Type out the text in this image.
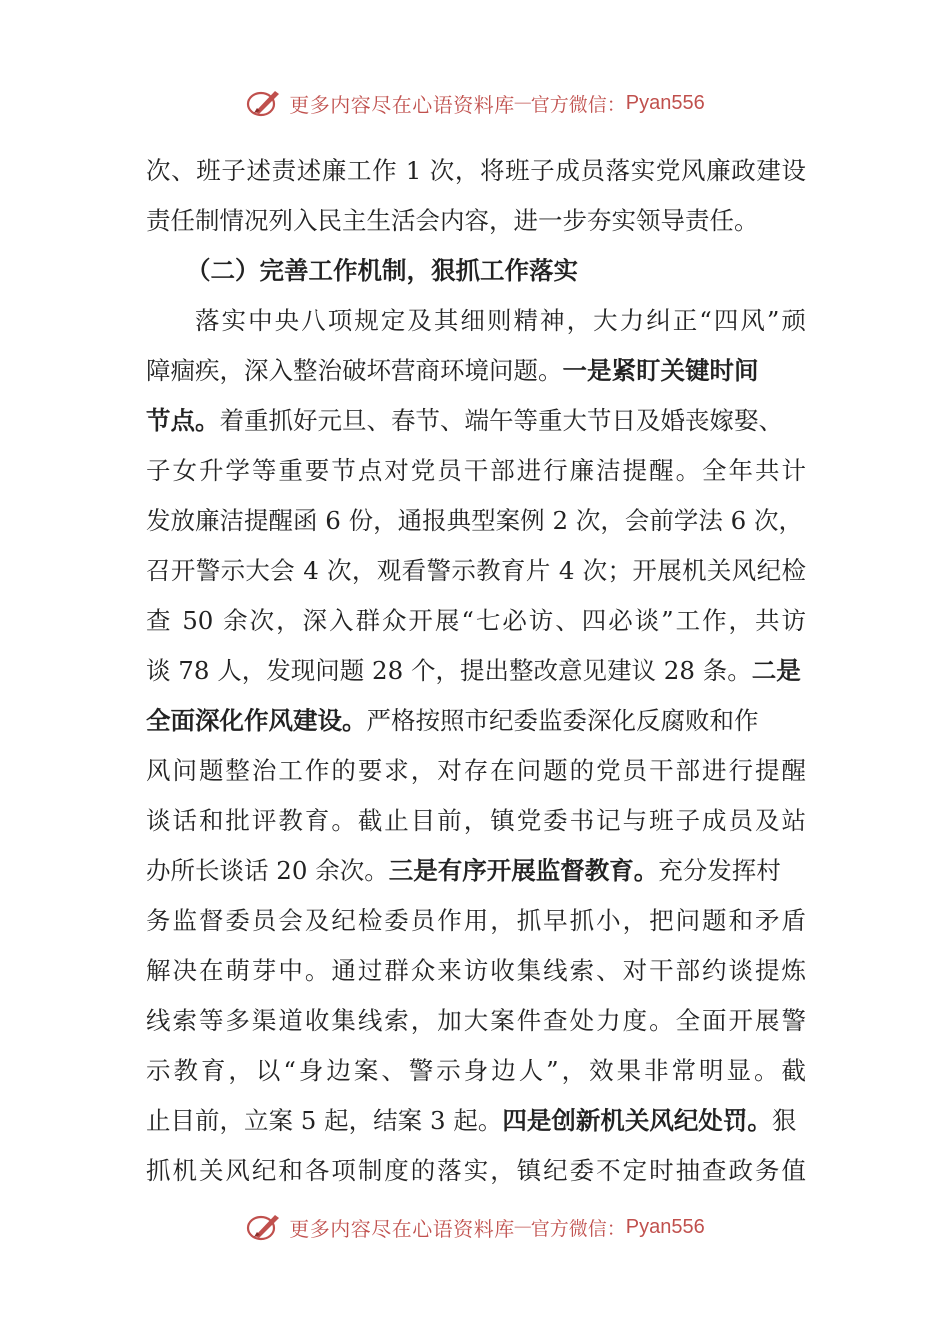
更多内容尽在心语资料库 — 官方微信： Pyan556
次、班子述责述廉工作 1 次，将班子成员落实党风廉政建设
责任制情况列入民主生活会内容，进一步夯实领导责任。
（二）完善工作机制，狠抓工作落实
落实中央八项规定及其细则精神，大力纠正“四风”顽
障痼疾，深入整治破坏营商环境问题。一是紧盯关键时间
节点。着重抓好元旦、春节、端午等重大节日及婚丧嫁娶、
子女升学等重要节点对党员干部进行廉洁提醒。全年共计
发放廉洁提醒函 6 份，通报典型案例 2 次，会前学法 6 次，
召开警示大会 4 次，观看警示教育片 4 次；开展机关风纪检
查 50 余次，深入群众开展“七必访、四必谈”工作，共访
谈 78 人，发现问题 28 个，提出整改意见建议 28 条。二是
全面深化作风建设。严格按照市纪委监委深化反腐败和作
风问题整治工作的要求，对存在问题的党员干部进行提醒
谈话和批评教育。截止目前，镇党委书记与班子成员及站
办所长谈话 20 余次。三是有序开展监督教育。充分发挥村
务监督委员会及纪检委员作用，抓早抓小，把问题和矛盾
解决在萌芽中。通过群众来访收集线索、对干部约谈提炼
线索等多渠道收集线索，加大案件查处力度。全面开展警
示教育，以“身边案、警示身边人”，效果非常明显。截
止目前，立案 5 起，结案 3 起。四是创新机关风纪处罚。狠
抓机关风纪和各项制度的落实，镇纪委不定时抽查政务值
更多内容尽在心语资料库 — 官方微信： Pyan556
